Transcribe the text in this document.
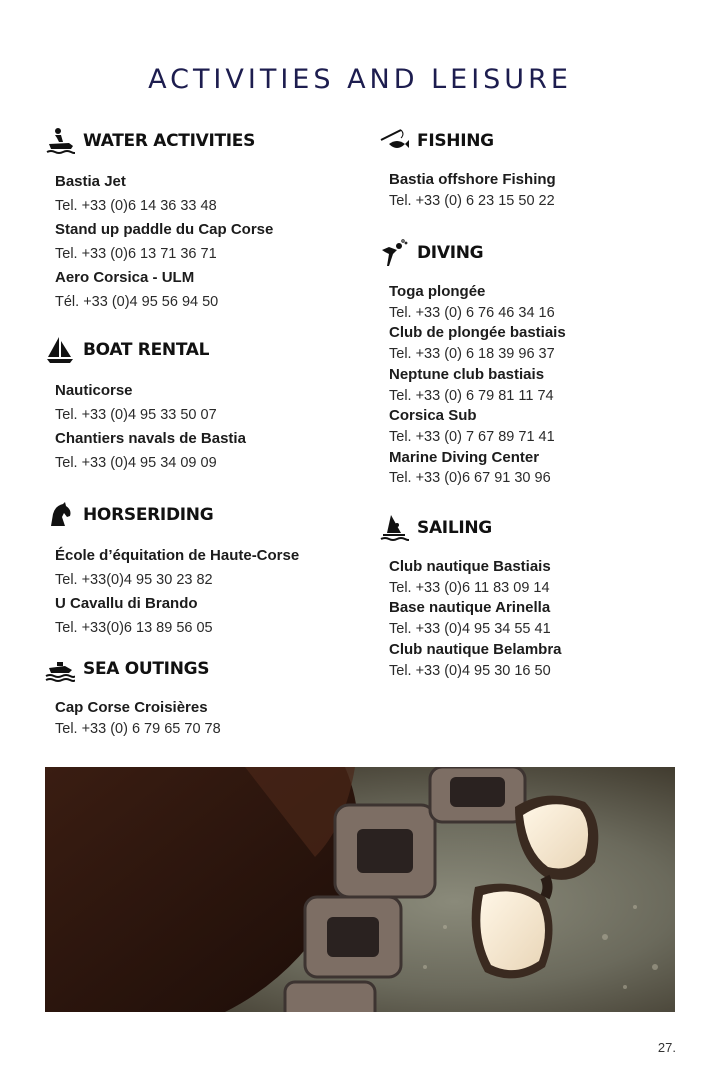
ACTIVITIES AND LEISURE
WATER ACTIVITIES
Bastia Jet
Tel. +33 (0)6 14 36 33 48
Stand up paddle du Cap Corse
Tel. +33 (0)6 13 71 36 71
Aero Corsica - ULM
Tél. +33 (0)4 95 56 94 50
BOAT RENTAL
Nauticorse
Tel. +33 (0)4 95 33 50 07
Chantiers navals de Bastia
Tel. +33 (0)4 95 34 09 09
HORSERIDING
École d’équitation de Haute-Corse
Tel. +33(0)4 95 30 23 82
U Cavallu di Brando
Tel. +33(0)6 13 89 56 05
SEA OUTINGS
Cap Corse Croisières
Tel. +33 (0) 6 79 65 70 78
FISHING
Bastia offshore Fishing
Tel. +33 (0) 6 23 15 50 22
DIVING
Toga plongée
Tel. +33 (0) 6 76 46 34 16
Club de plongée bastiais
Tel. +33 (0) 6 18 39 96 37
Neptune club bastiais
Tel. +33 (0) 6 79 81 11 74
Corsica Sub
Tel. +33 (0) 7 67 89 71 41
Marine Diving Center
Tel. +33 (0)6 67 91 30 96
SAILING
Club nautique Bastiais
Tel. +33 (0)6 11 83 09 14
Base nautique Arinella
Tel. +33 (0)4 95 34 55 41
Club nautique Belambra
Tel. +33 (0)4 95 30 16 50
27.
